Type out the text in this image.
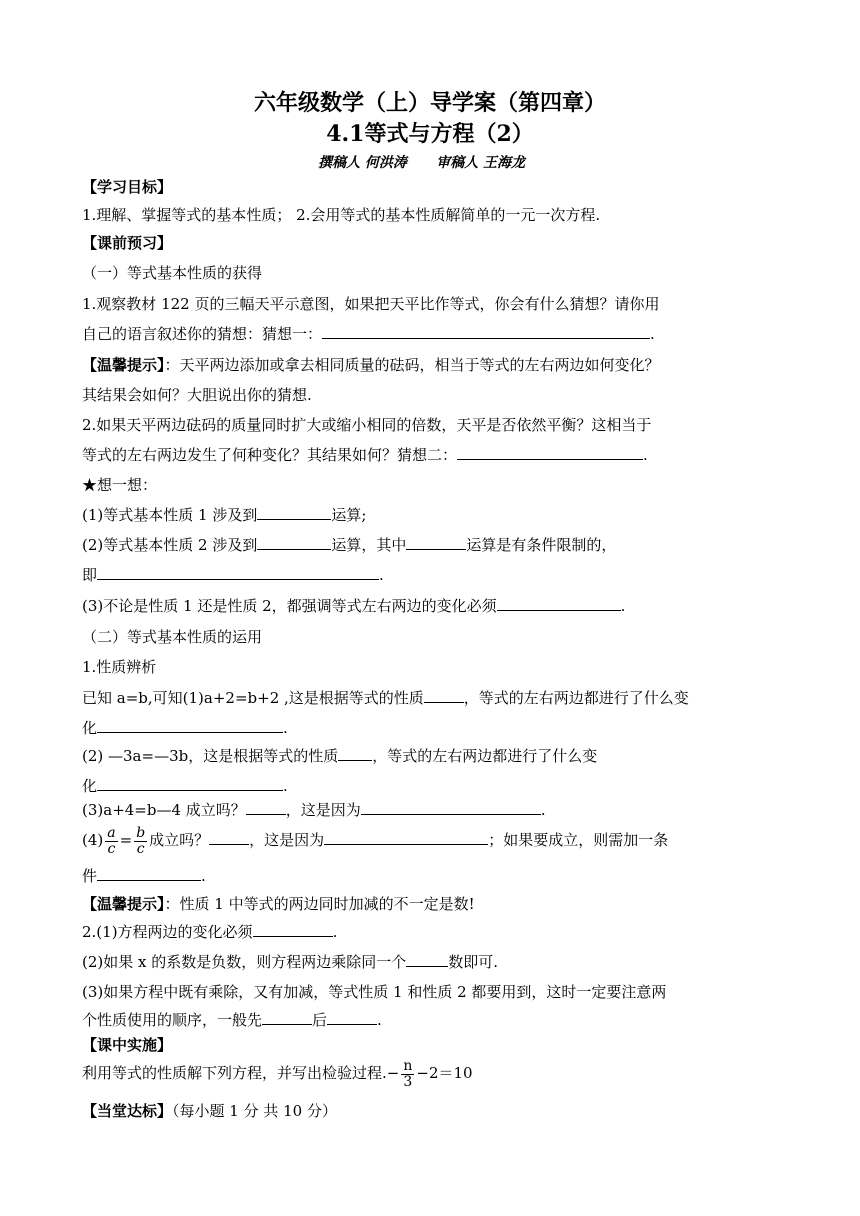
六年级数学（上）导学案（第四章）
4.1等式与方程（2）
撰稿人 何洪涛      审稿人 王海龙
【学习目标】
1.理解、掌握等式的基本性质； 2.会用等式的基本性质解简单的一元一次方程.
【课前预习】
（一）等式基本性质的获得
1.观察教材 122 页的三幅天平示意图，如果把天平比作等式，你会有什么猜想？请你用
自己的语言叙述你的猜想：猜想一：	.
【温馨提示】：天平两边添加或拿去相同质量的砝码，相当于等式的左右两边如何变化？
其结果会如何？大胆说出你的猜想.
2.如果天平两边砝码的质量同时扩大或缩小相同的倍数，天平是否依然平衡？这相当于
等式的左右两边发生了何种变化？其结果如何？猜想二：	.
★想一想：
(1)等式基本性质 1 涉及到	运算;
(2)等式基本性质 2 涉及到	运算，其中	运算是有条件限制的，
即	.
(3)不论是性质 1 还是性质 2，都强调等式左右两边的变化必须	.
（二）等式基本性质的运用
1.性质辨析
已知 a=b,可知(1)a+2=b+2 ,这是根据等式的性质	，等式的左右两边都进行了什么变
化	.
(2) —3a=—3b，这是根据等式的性质 ，等式的左右两边都进行了什么变
化	.
(3)a+4=b—4 成立吗？	，这是因为	.
$(4) \frac{a}{c} = \frac{b}{c}$ 成立吗？	，这是因为	；如果要成立，则需加一条
件	.
【温馨提示】：性质 1 中等式的两边同时加减的不一定是数!
2.(1)方程两边的变化必须	.
(2)如果 x 的系数是负数，则方程两边乘除同一个	数即可.
(3)如果方程中既有乘除，又有加减，等式性质 1 和性质 2 都要用到，这时一定要注意两
个性质使用的顺序，一般先	后	.
【课中实施】
利用等式的性质解下列方程，并写出检验过程.− $\frac{n}{3} -2=10$
【当堂达标】（每小题 1 分 共 10 分）
